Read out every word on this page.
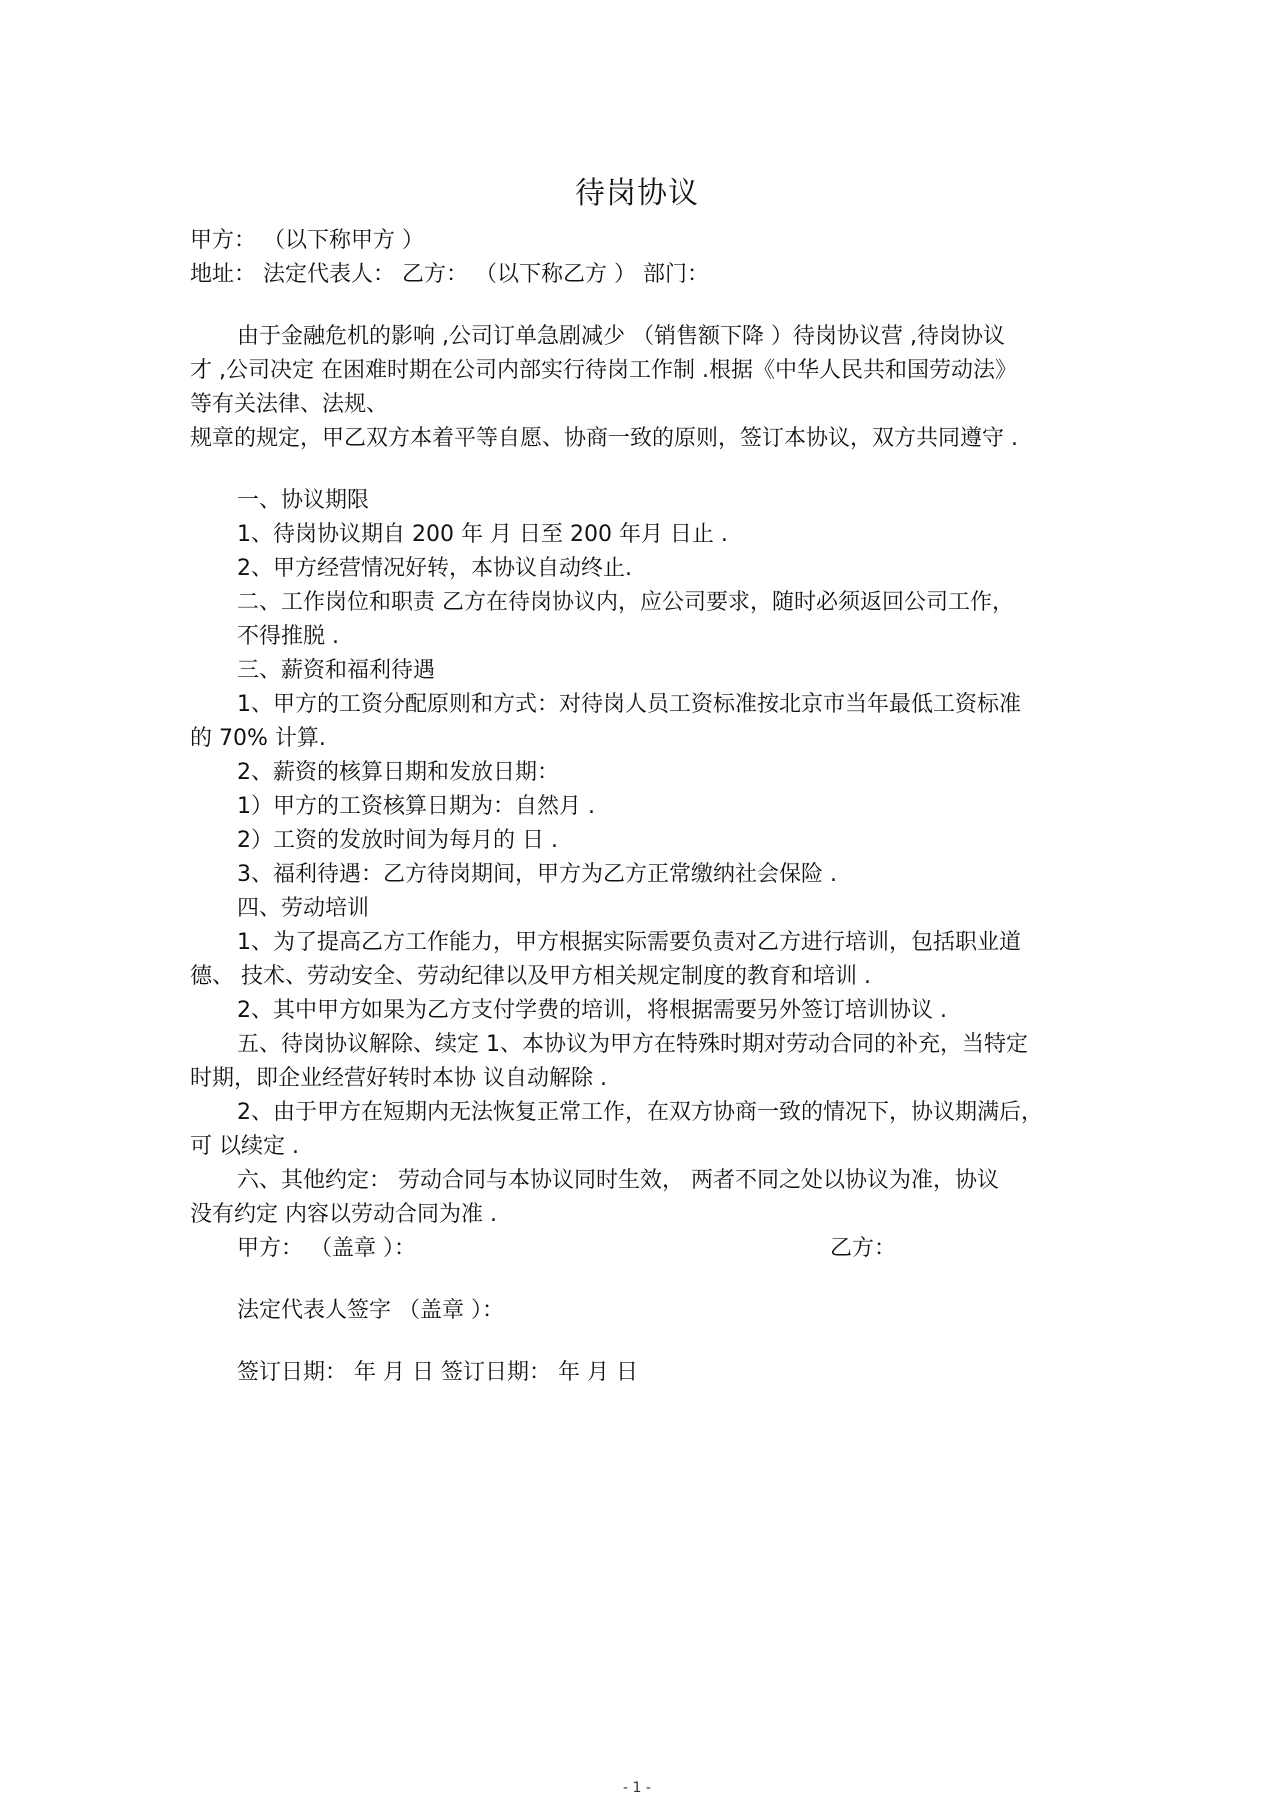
待岗协议
甲方： （以下称甲方 ）
地址： 法定代表人： 乙方： （以下称乙方 ） 部门：
由于金融危机的影响 ,公司订单急剧减少 （销售额下降 ）待岗协议营 ,待岗协议
才 ,公司决定 在困难时期在公司内部实行待岗工作制 .根据《中华人民共和国劳动法》
等有关法律、法规、
规章的规定，甲乙双方本着平等自愿、协商一致的原则，签订本协议，双方共同遵守 .
一、协议期限
1、待岗协议期自 200 年 月 日至 200 年月 日止 .
2、甲方经营情况好转，本协议自动终止.
二、工作岗位和职责 乙方在待岗协议内，应公司要求，随时必须返回公司工作，
不得推脱 .
三、薪资和福利待遇
1、甲方的工资分配原则和方式：对待岗人员工资标准按北京市当年最低工资标准
的 70% 计算.
2、薪资的核算日期和发放日期：
1）甲方的工资核算日期为：自然月 .
2）工资的发放时间为每月的 日 .
3、福利待遇：乙方待岗期间，甲方为乙方正常缴纳社会保险 .
四、劳动培训
1、为了提高乙方工作能力，甲方根据实际需要负责对乙方进行培训，包括职业道
德、 技术、劳动安全、劳动纪律以及甲方相关规定制度的教育和培训 .
2、其中甲方如果为乙方支付学费的培训，将根据需要另外签订培训协议 .
五、待岗协议解除、续定 1、本协议为甲方在特殊时期对劳动合同的补充，当特定
时期，即企业经营好转时本协 议自动解除 .
2、由于甲方在短期内无法恢复正常工作，在双方协商一致的情况下，协议期满后，
可 以续定 .
六、其他约定： 劳动合同与本协议同时生效， 两者不同之处以协议为准，协议
没有约定 内容以劳动合同为准 .
甲方： （盖章 ）：	乙方：
法定代表人签字 （盖章 ）：
签订日期： 年 月 日 签订日期： 年 月 日
- 1 -
